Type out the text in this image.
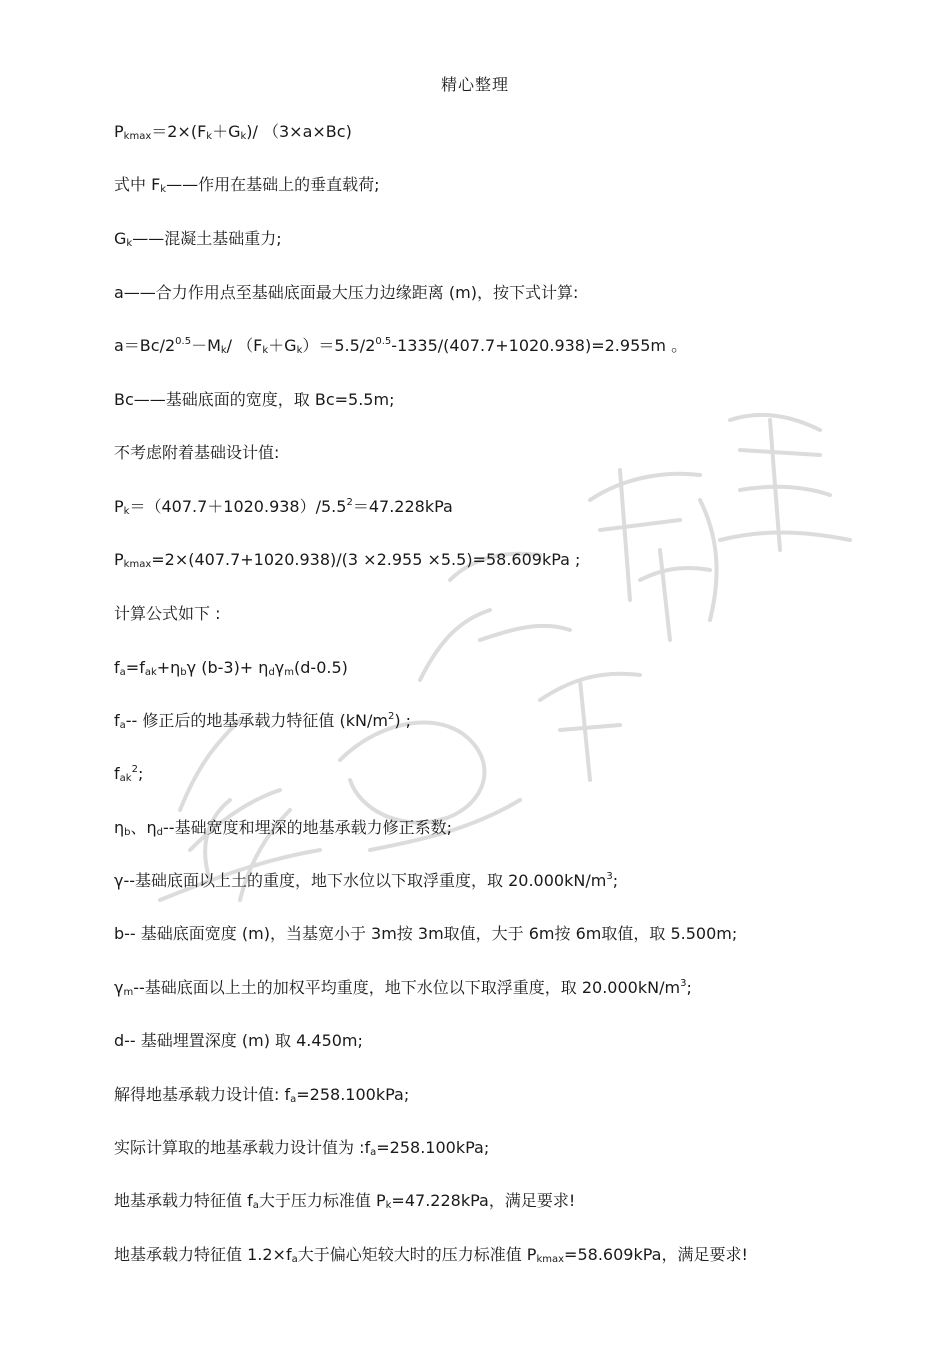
精心整理
$P_{kmax}=2\times(F_k+G_k)/$ （3×a×Bc)
式中 $F_k——$作用在基础上的垂直载荷;
$G_k——$混凝土基础重力;
a——合力作用点至基础底面最大压力边缘距离 (m)，按下式计算:
$a=Bc/2^{0.5}-M_k/$ $(F_k+G_k)=5.5/2^{0.5}-1335/(407.7+1020.938)=2.955m$ 。
Bc——基础底面的宽度，取 Bc=5.5m;
不考虑附着基础设计值:
$P_k=(407.7+1020.938)/5.5^2=47.228kPa$
$P_{kmax}=2\times(407.7+1020.938)/(3 \times 2.955 \times 5.5)=58.609kPa$ ;
计算公式如下 :
$f_a=f_{ak}+\eta_b\gamma$ $(b-3)+ \eta_d\gamma_m(d-0.5)$
$f_a--$ 修正后的地基承载力特征值 $(kN/m^2)$ ;
$f_{ak}^2$;
$\eta_b$、$\eta_d--$基础宽度和埋深的地基承载力修正系数;
γ--基础底面以上土的重度，地下水位以下取浮重度，取 $20.000kN/m^3$;
b-- 基础底面宽度 (m)，当基宽小于 3m按 3m取值，大于 6m按 6m取值，取 5.500m;
$\gamma_m--$基础底面以上土的加权平均重度，地下水位以下取浮重度，取 $20.000kN/m^3$;
d-- 基础埋置深度 (m) 取 4.450m;
解得地基承载力设计值: $f_a=258.100kPa$;
实际计算取的地基承载力设计值为 $:f_a=258.100kPa$;
地基承载力特征值 $f_a$大于压力标准值 $P_k=47.228kPa$，满足要求!
地基承载力特征值 $1.2\times f_a$大于偏心矩较大时的压力标准值 $P_{kmax}=58.609kPa$，满足要求!
